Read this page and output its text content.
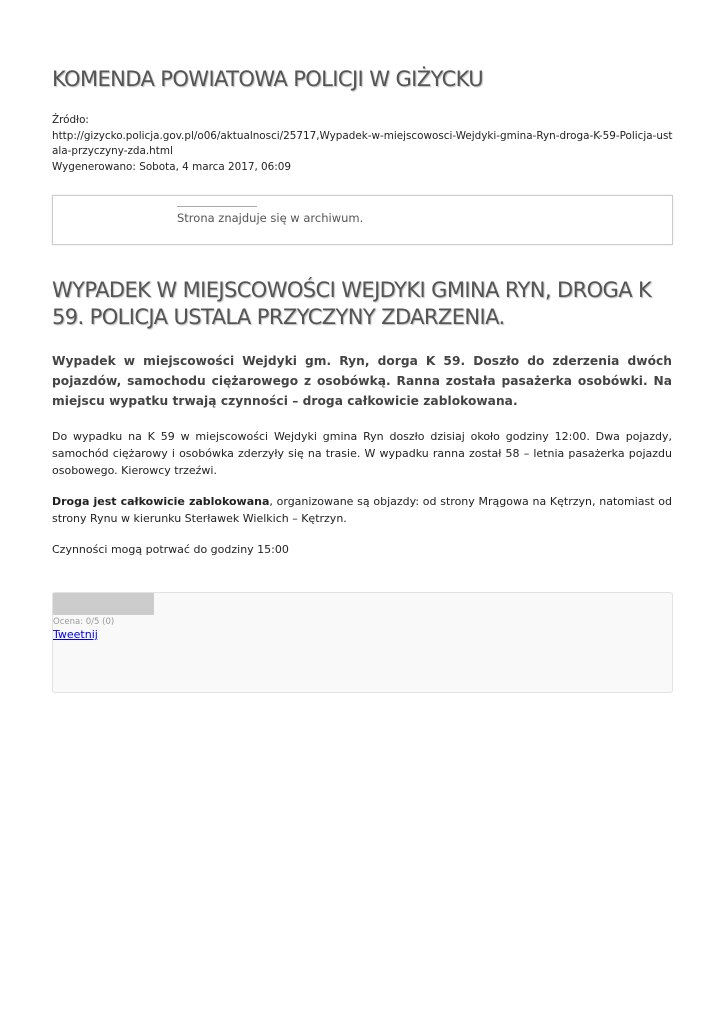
KOMENDA POWIATOWA POLICJI W GIŻYCKU
Źródło:
http://gizycko.policja.gov.pl/o06/aktualnosci/25717,Wypadek-w-miejscowosci-Wejdyki-gmina-Ryn-droga-K-59-Policja-ustala-przyczyny-zda.html
Wygenerowano: Sobota, 4 marca 2017, 06:09
Strona znajduje się w archiwum.
WYPADEK W MIEJSCOWOŚCI WEJDYKI GMINA RYN, DROGA K 59. POLICJA USTALA PRZYCZYNY ZDARZENIA.
Wypadek w miejscowości Wejdyki gm. Ryn, dorga K 59. Doszło do zderzenia dwóch pojazdów, samochodu ciężarowego z osobówką. Ranna została pasażerka osobówki. Na miejscu wypatku trwają czynności – droga całkowicie zablokowana.
Do wypadku na K 59 w miejscowości Wejdyki gmina Ryn doszło dzisiaj około godziny 12:00. Dwa pojazdy, samochód ciężarowy i osobówka zderzyły się na trasie. W wypadku ranna został 58 – letnia pasażerka pojazdu osobowego. Kierowcy trzeźwi.
Droga jest całkowicie zablokowana, organizowane są objazdy: od strony Mrągowa na Kętrzyn, natomiast od strony Rynu w kierunku Sterławek Wielkich – Kętrzyn.
Czynności mogą potrwać do godziny 15:00
Ocena: 0/5 (0)
Tweetnij
